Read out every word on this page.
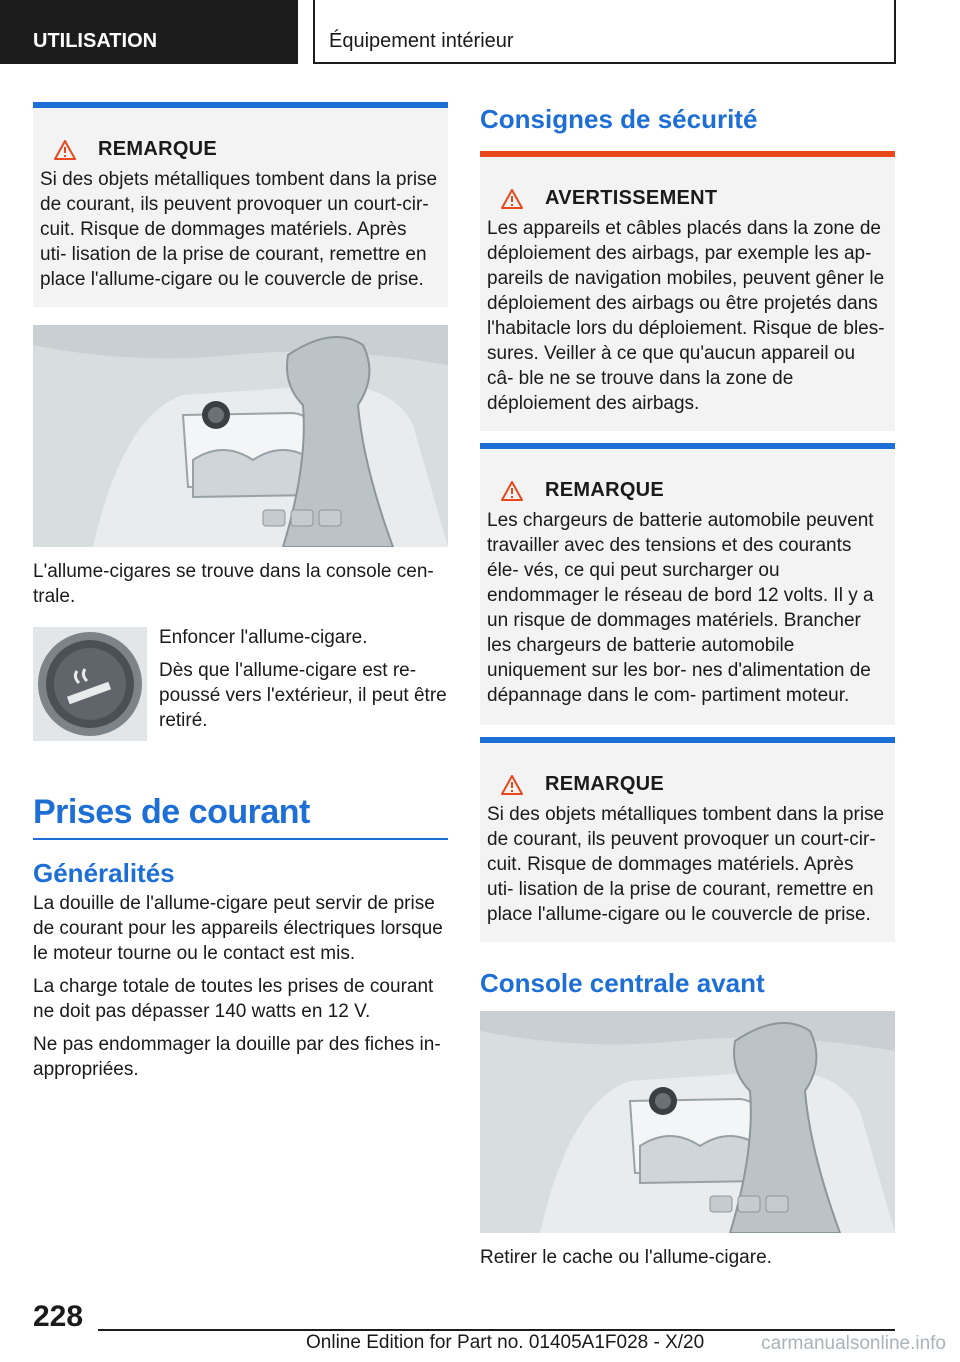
UTILISATION	Équipement intérieur
REMARQUE
Si des objets métalliques tombent dans la prise de courant, ils peuvent provoquer un court-cir- cuit. Risque de dommages matériels. Après uti- lisation de la prise de courant, remettre en place l'allume-cigare ou le couvercle de prise.

L'allume-cigares se trouve dans la console cen- trale.

Enfoncer l'allume-cigare.

Dès que l'allume-cigare est re- poussé vers l'extérieur, il peut être retiré.

Prises de courant
Généralités

La douille de l'allume-cigare peut servir de prise de courant pour les appareils électriques lorsque le moteur tourne ou le contact est mis.

La charge totale de toutes les prises de courant ne doit pas dépasser 140 watts en 12 V.

Ne pas endommager la douille par des fiches in- appropriées.

Consignes de sécurité
AVERTISSEMENT
Les appareils et câbles placés dans la zone de déploiement des airbags, par exemple les ap- pareils de navigation mobiles, peuvent gêner le déploiement des airbags ou être projetés dans l'habitacle lors du déploiement. Risque de bles- sures. Veiller à ce que qu'aucun appareil ou câ- ble ne se trouve dans la zone de déploiement des airbags.
REMARQUE
Les chargeurs de batterie automobile peuvent travailler avec des tensions et des courants éle- vés, ce qui peut surcharger ou endommager le réseau de bord 12 volts. Il y a un risque de dommages matériels. Brancher les chargeurs de batterie automobile uniquement sur les bor- nes d'alimentation de dépannage dans le com- partiment moteur.
REMARQUE
Si des objets métalliques tombent dans la prise de courant, ils peuvent provoquer un court-cir- cuit. Risque de dommages matériels. Après uti- lisation de la prise de courant, remettre en place l'allume-cigare ou le couvercle de prise.
Console centrale avant

Retirer le cache ou l'allume-cigare.

228
Online Edition for Part no. 01405A1F028 - X/20	carmanualsonline.info
